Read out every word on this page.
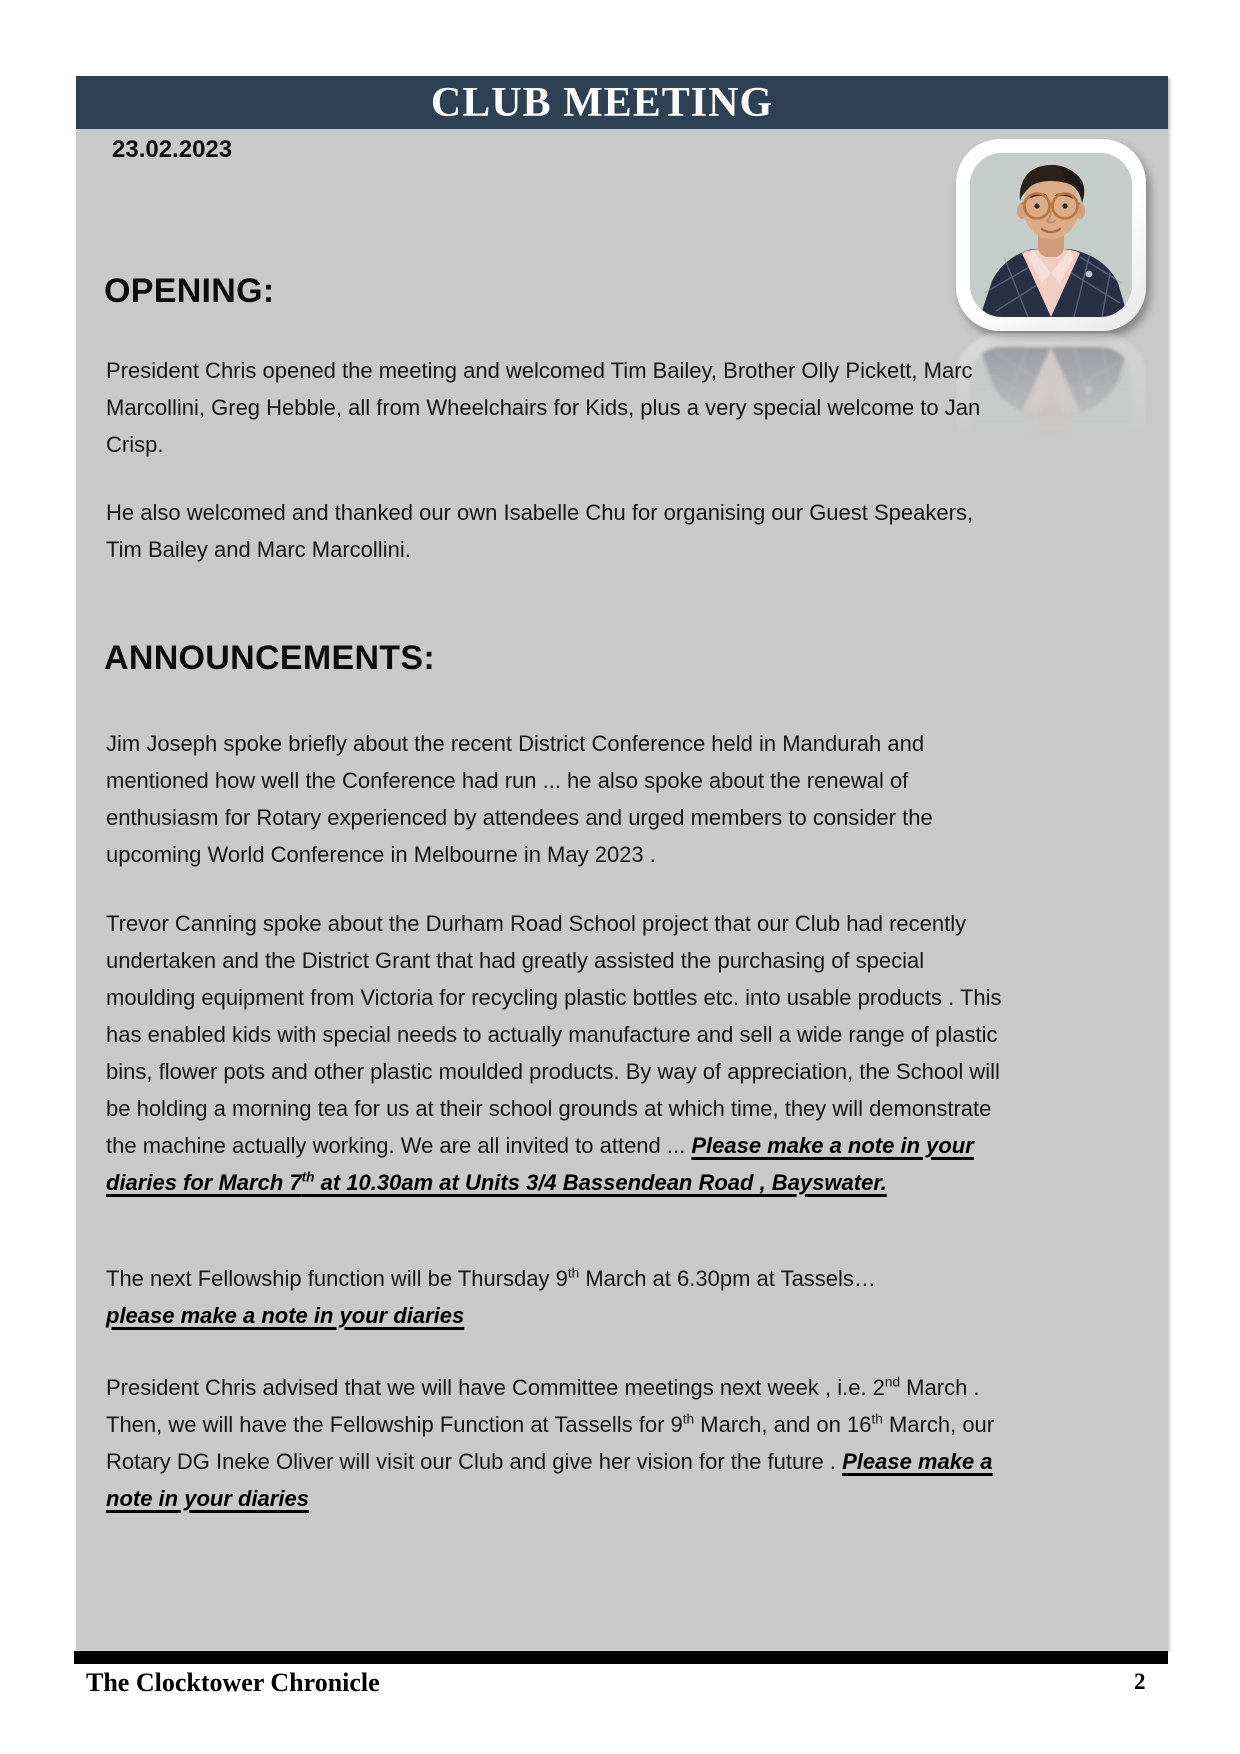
CLUB MEETING
23.02.2023
OPENING:
President Chris opened the meeting and welcomed Tim Bailey, Brother Olly Pickett, Marc Marcollini, Greg Hebble, all from Wheelchairs for Kids, plus a very special welcome to Jan Crisp.
He also welcomed and thanked our own Isabelle Chu for organising our Guest Speakers, Tim Bailey and Marc Marcollini.
ANNOUNCEMENTS:
Jim Joseph spoke briefly about the recent District Conference held in Mandurah and mentioned how well the Conference had run ... he also spoke about the renewal of enthusiasm for Rotary experienced by attendees and urged members to consider the upcoming World Conference in Melbourne in May 2023 .
Trevor Canning spoke about the Durham Road School project that our Club had recently undertaken and the District Grant that had greatly assisted the purchasing of special moulding equipment from Victoria for recycling plastic bottles etc. into usable products . This has enabled kids with special needs to actually manufacture and sell a wide range of plastic bins, flower pots and other plastic moulded products. By way of appreciation, the School will be holding a morning tea for us at their school grounds at which time, they will demonstrate the machine actually working. We are all invited to attend ... Please make a note in your diaries for March 7th at 10.30am at Units 3/4 Bassendean Road , Bayswater.
The next Fellowship function will be Thursday 9th March at 6.30pm at Tassels…
please make a note in your diaries
President Chris advised that we will have Committee meetings next week , i.e. 2nd March . Then, we will have the Fellowship Function at Tassells for 9th March, and on 16th March, our Rotary DG Ineke Oliver will visit our Club and give her vision for the future . Please make a note in your diaries
The Clocktower Chronicle	2
